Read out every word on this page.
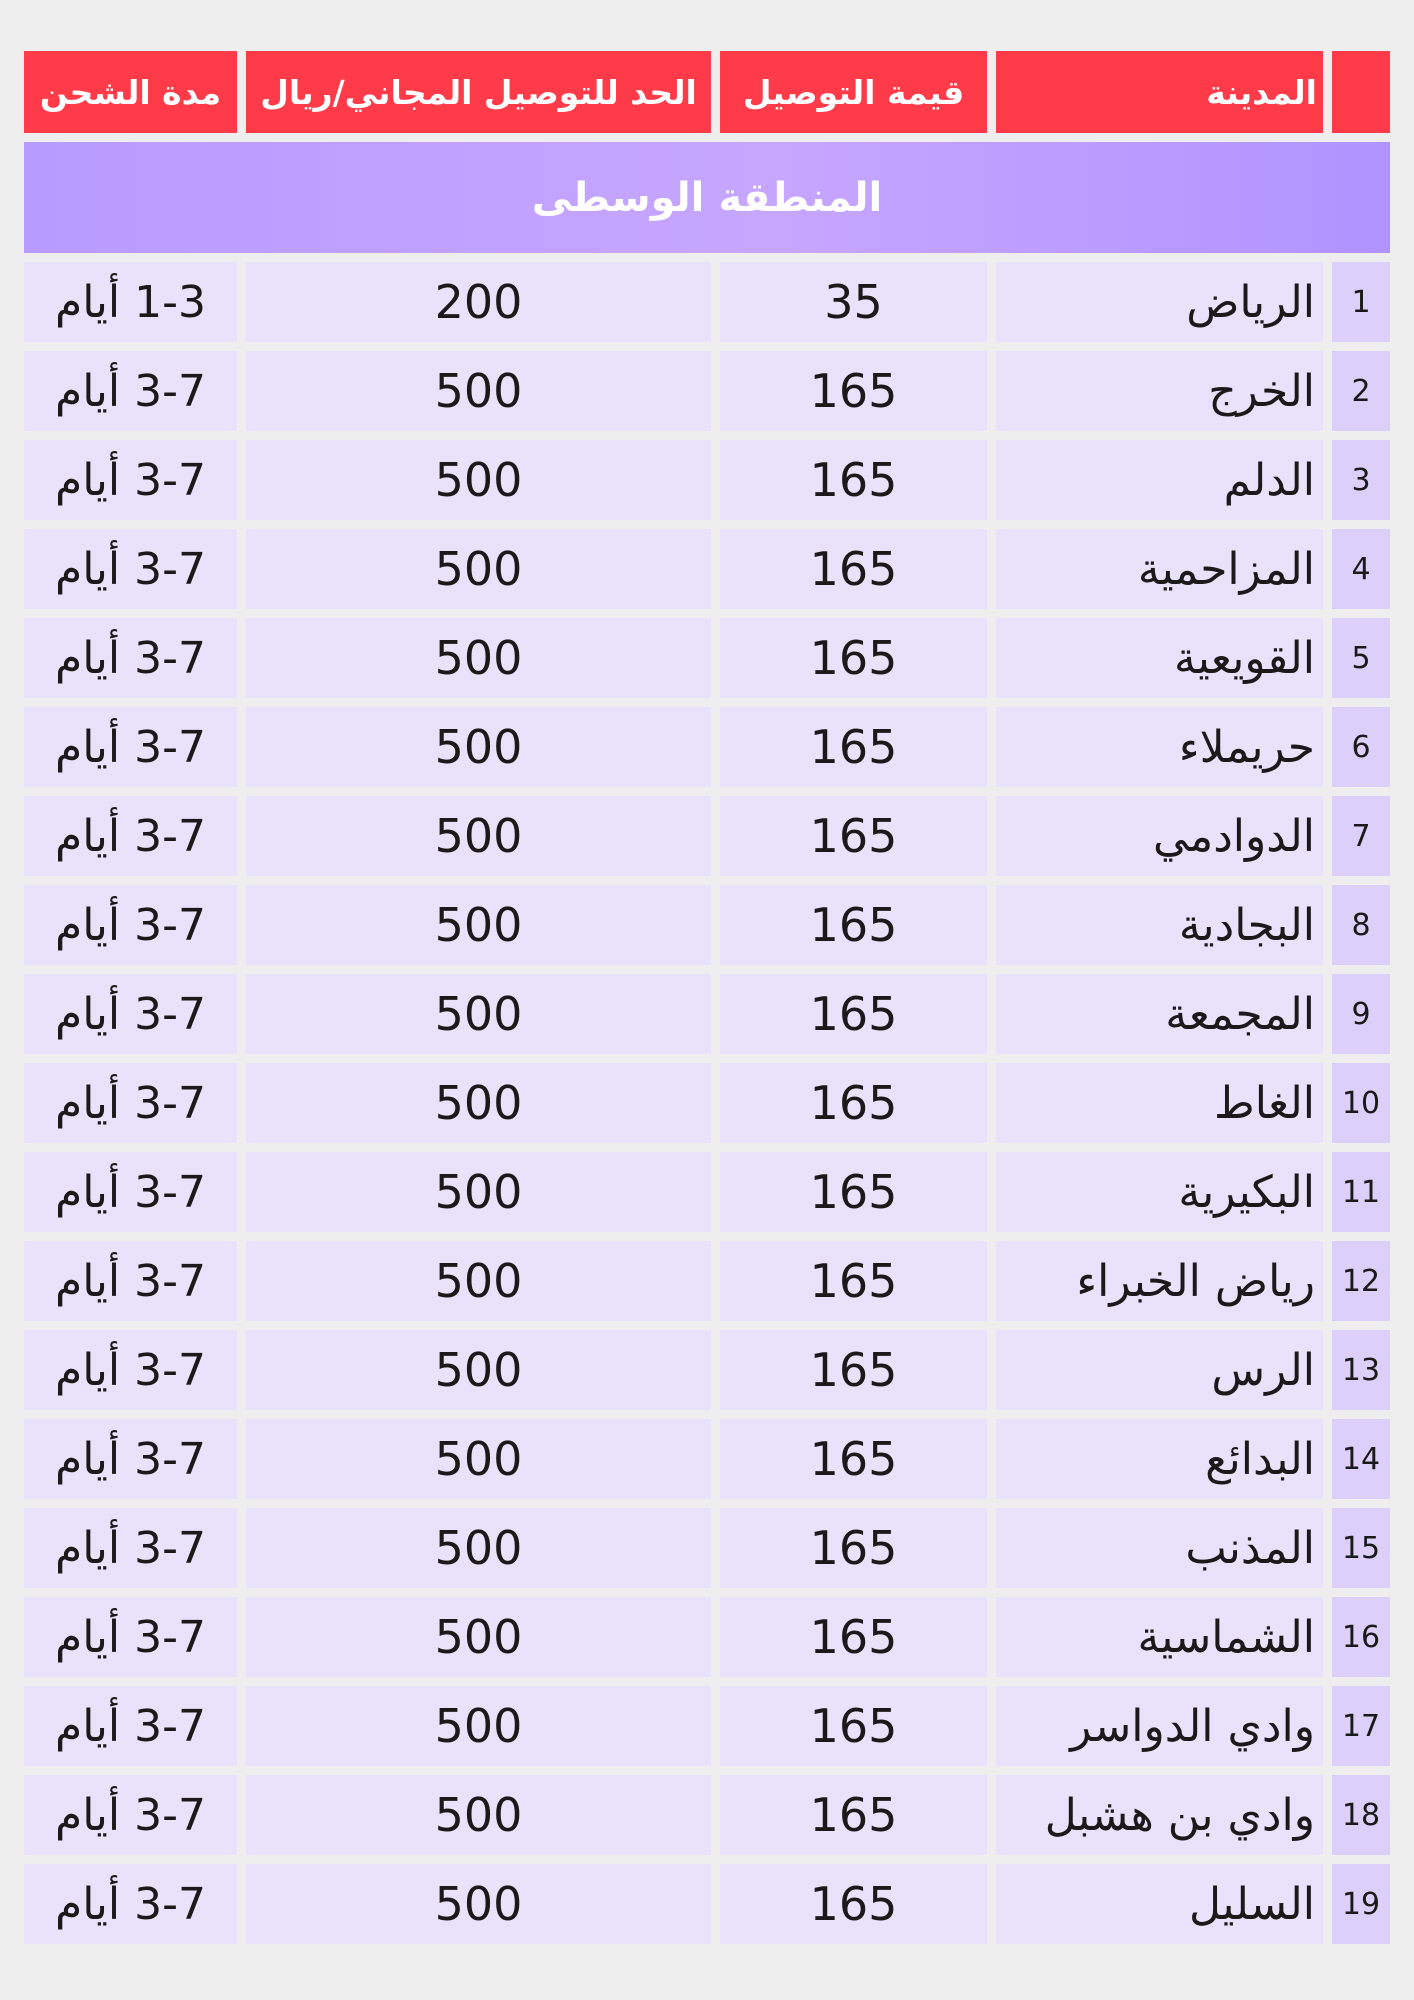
المدينة
قيمة التوصيل
الحد للتوصيل المجاني/ريال
مدة الشحن
المنطقة الوسطى
1
الرياض
35
200
1-3 أيام
2
الخرج
165
500
3-7 أيام
3
الدلم
165
500
3-7 أيام
4
المزاحمية
165
500
3-7 أيام
5
القويعية
165
500
3-7 أيام
6
حريملاء
165
500
3-7 أيام
7
الدوادمي
165
500
3-7 أيام
8
البجادية
165
500
3-7 أيام
9
المجمعة
165
500
3-7 أيام
10
الغاط
165
500
3-7 أيام
11
البكيرية
165
500
3-7 أيام
12
رياض الخبراء
165
500
3-7 أيام
13
الرس
165
500
3-7 أيام
14
البدائع
165
500
3-7 أيام
15
المذنب
165
500
3-7 أيام
16
الشماسية
165
500
3-7 أيام
17
وادي الدواسر
165
500
3-7 أيام
18
وادي بن هشبل
165
500
3-7 أيام
19
السليل
165
500
3-7 أيام
